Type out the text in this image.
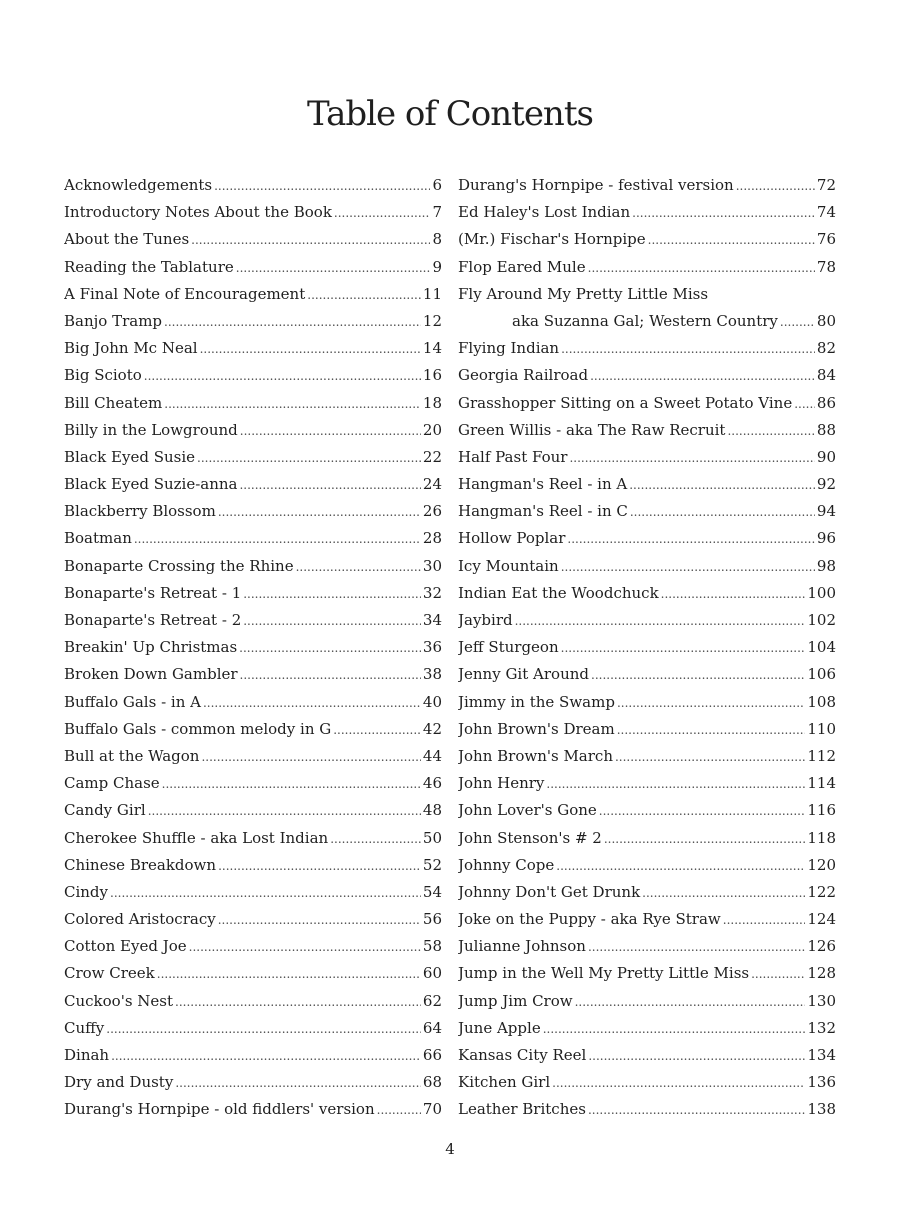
Table of Contents
Acknowledgements .....	6
Introductory Notes About the Book .....	7
About the Tunes .....	8
Reading the Tablature .....	9
A Final Note of Encouragement .....	11
Banjo Tramp .....	12
Big John Mc Neal .....	14
Big Scioto .....	16
Bill Cheatem .....	18
Billy in the Lowground .....	20
Black Eyed Susie .....	22
Black Eyed Suzie-anna .....	24
Blackberry Blossom .....	26
Boatman .....	28
Bonaparte Crossing the Rhine .....	30
Bonaparte's Retreat - 1 .....	32
Bonaparte's Retreat - 2 .....	34
Breakin' Up Christmas .....	36
Broken Down Gambler .....	38
Buffalo Gals - in A .....	40
Buffalo Gals - common melody in G .....	42
Bull at the Wagon .....	44
Camp Chase .....	46
Candy Girl .....	48
Cherokee Shuffle - aka Lost Indian .....	50
Chinese Breakdown .....	52
Cindy .....	54
Colored Aristocracy .....	56
Cotton Eyed Joe .....	58
Crow Creek .....	60
Cuckoo's Nest .....	62
Cuffy .....	64
Dinah .....	66
Dry and Dusty .....	68
Durang's Hornpipe - old fiddlers' version .....	70
Durang's Hornpipe - festival version .....	72
Ed Haley's Lost Indian .....	74
(Mr.) Fischar's Hornpipe .....	76
Flop Eared Mule .....	78
Fly Around My Pretty Little Miss
aka Suzanna Gal; Western Country .....	80
Flying Indian .....	82
Georgia Railroad .....	84
Grasshopper Sitting on a Sweet Potato Vine ..... 86
Green Willis - aka The Raw Recruit .....	88
Half Past Four .....	90
Hangman's Reel - in A .....	92
Hangman's Reel - in C .....	94
Hollow Poplar .....	96
Icy Mountain .....	98
Indian Eat the Woodchuck .....	100
Jaybird .....	102
Jeff Sturgeon .....	104
Jenny Git Around .....	106
Jimmy in the Swamp .....	108
John Brown's Dream .....	110
John Brown's March .....	112
John Henry .....	114
John Lover's Gone .....	116
John Stenson's # 2 .....	118
Johnny Cope .....	120
Johnny Don't Get Drunk .....	122
Joke on the Puppy - aka Rye Straw .....	124
Julianne Johnson .....	126
Jump in the Well My Pretty Little Miss .....	128
Jump Jim Crow .....	130
June Apple .....	132
Kansas City Reel .....	134
Kitchen Girl .....	136
Leather Britches .....	138
4
